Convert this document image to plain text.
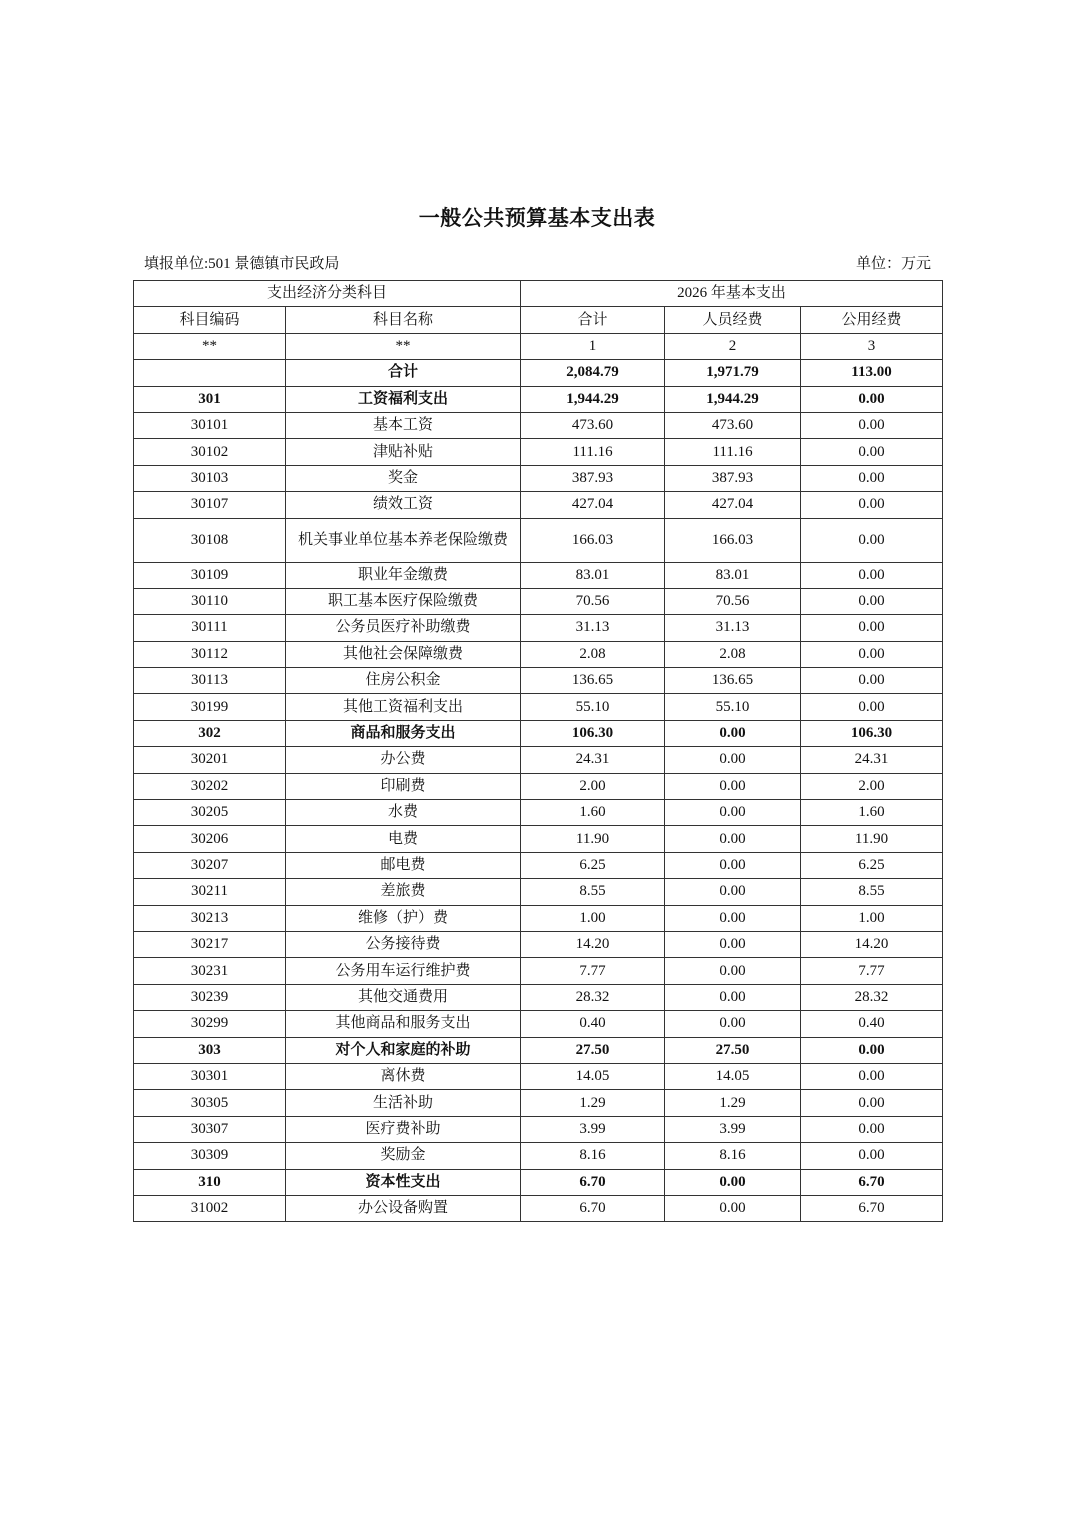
一般公共预算基本支出表
填报单位:501 景德镇市民政局	单位：万元
支出经济分类科目		2026 年基本支出		
科目编码	科目名称	合计	人员经费	公用经费
**	**	1	2	3
	合计	2,084.79	1,971.79	113.00
301	工资福利支出	1,944.29	1,944.29	0.00
30101	基本工资	473.60	473.60	0.00
30102	津贴补贴	111.16	111.16	0.00
30103	奖金	387.93	387.93	0.00
30107	绩效工资	427.04	427.04	0.00
30108	机关事业单位基本养老保险缴费	166.03	166.03	0.00
30109	职业年金缴费	83.01	83.01	0.00
30110	职工基本医疗保险缴费	70.56	70.56	0.00
30111	公务员医疗补助缴费	31.13	31.13	0.00
30112	其他社会保障缴费	2.08	2.08	0.00
30113	住房公积金	136.65	136.65	0.00
30199	其他工资福利支出	55.10	55.10	0.00
302	商品和服务支出	106.30	0.00	106.30
30201	办公费	24.31	0.00	24.31
30202	印刷费	2.00	0.00	2.00
30205	水费	1.60	0.00	1.60
30206	电费	11.90	0.00	11.90
30207	邮电费	6.25	0.00	6.25
30211	差旅费	8.55	0.00	8.55
30213	维修（护）费	1.00	0.00	1.00
30217	公务接待费	14.20	0.00	14.20
30231	公务用车运行维护费	7.77	0.00	7.77
30239	其他交通费用	28.32	0.00	28.32
30299	其他商品和服务支出	0.40	0.00	0.40
303	对个人和家庭的补助	27.50	27.50	0.00
30301	离休费	14.05	14.05	0.00
30305	生活补助	1.29	1.29	0.00
30307	医疗费补助	3.99	3.99	0.00
30309	奖励金	8.16	8.16	0.00
310	资本性支出	6.70	0.00	6.70
31002	办公设备购置	6.70	0.00	6.70
